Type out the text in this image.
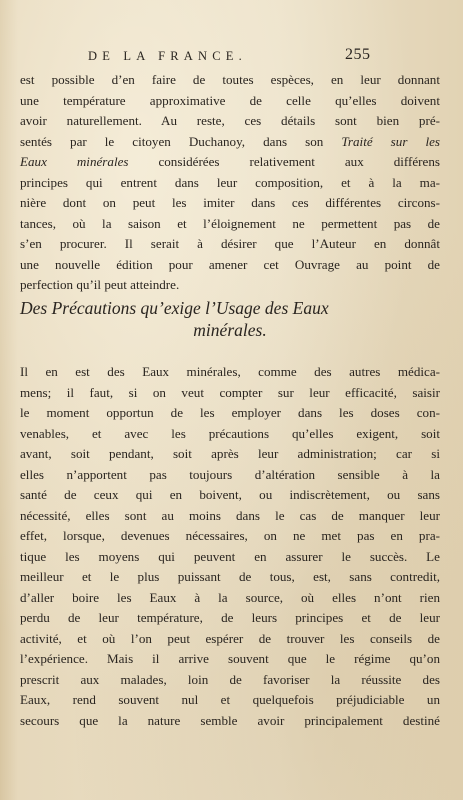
DE LA FRANCE.	255
est possible d’en faire de toutes espèces, en leur donnant
une température approximative de celle qu’elles doivent
avoir naturellement. Au reste, ces détails sont bien pré-
sentés par le citoyen Duchanoy, dans son Traité sur les
Eaux minérales considérées relativement aux différens
principes qui entrent dans leur composition, et à la ma-
nière dont on peut les imiter dans ces différentes circons-
tances, où la saison et l’éloignement ne permettent pas de
s’en procurer. Il serait à désirer que l’Auteur en donnât
une nouvelle édition pour amener cet Ouvrage au point de
perfection qu’il peut atteindre.
Des Précautions qu’exige l’Usage des Eaux
minérales.
Il en est des Eaux minérales, comme des autres médica-
mens; il faut, si on veut compter sur leur efficacité, saisir
le moment opportun de les employer dans les doses con-
venables, et avec les précautions qu’elles exigent, soit
avant, soit pendant, soit après leur administration; car si
elles n’apportent pas toujours d’altération sensible à la
santé de ceux qui en boivent, ou indiscrètement, ou sans
nécessité, elles sont au moins dans le cas de manquer leur
effet, lorsque, devenues nécessaires, on ne met pas en pra-
tique les moyens qui peuvent en assurer le succès. Le
meilleur et le plus puissant de tous, est, sans contredit,
d’aller boire les Eaux à la source, où elles n’ont rien
perdu de leur température, de leurs principes et de leur
activité, et où l’on peut espérer de trouver les conseils de
l’expérience. Mais il arrive souvent que le régime qu’on
prescrit aux malades, loin de favoriser la réussite des
Eaux, rend souvent nul et quelquefois préjudiciable un
secours que la nature semble avoir principalement destiné
